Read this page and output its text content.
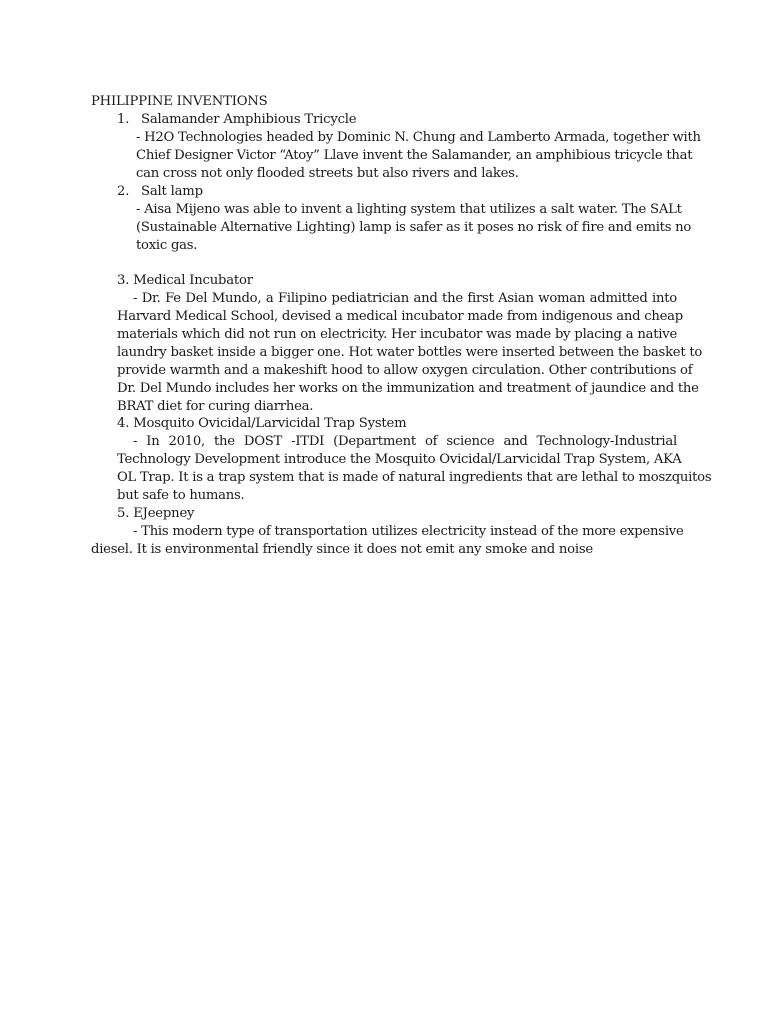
PHILIPPINE INVENTIONS
1. Salamander Amphibious Tricycle
- H2O Technologies headed by Dominic N. Chung and Lamberto Armada, together with
Chief Designer Victor “Atoy” Llave invent the Salamander, an amphibious tricycle that
can cross not only flooded streets but also rivers and lakes.
2. Salt lamp
- Aisa Mijeno was able to invent a lighting system that utilizes a salt water. The SALt
(Sustainable Alternative Lighting) lamp is safer as it poses no risk of fire and emits no
toxic gas.
3. Medical Incubator
- Dr. Fe Del Mundo, a Filipino pediatrician and the first Asian woman admitted into
Harvard Medical School, devised a medical incubator made from indigenous and cheap
materials which did not run on electricity. Her incubator was made by placing a native
laundry basket inside a bigger one. Hot water bottles were inserted between the basket to
provide warmth and a makeshift hood to allow oxygen circulation. Other contributions of
Dr. Del Mundo includes her works on the immunization and treatment of jaundice and the
BRAT diet for curing diarrhea.
4. Mosquito Ovicidal/Larvicidal Trap System
- In 2010, the DOST -ITDI (Department of science and Technology-Industrial
Technology Development introduce the Mosquito Ovicidal/Larvicidal Trap System, AKA
OL Trap. It is a trap system that is made of natural ingredients that are lethal to moszquitos
but safe to humans.
5. EJeepney
- This modern type of transportation utilizes electricity instead of the more expensive
diesel. It is environmental friendly since it does not emit any smoke and noise
